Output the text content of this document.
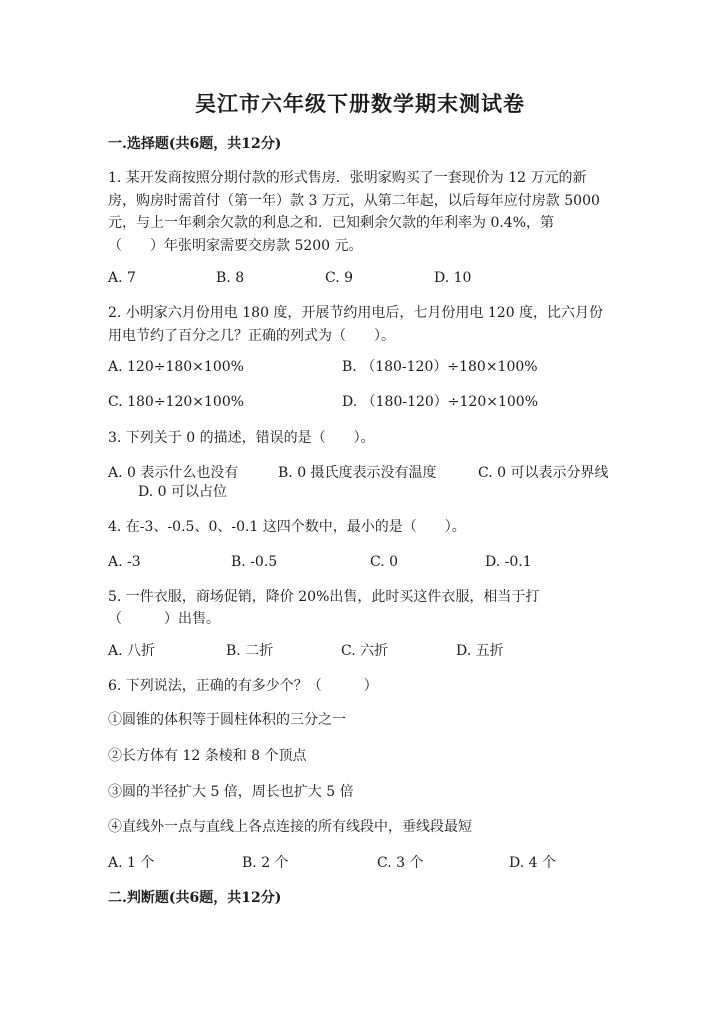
吴江市六年级下册数学期末测试卷
一.选择题(共6题，共12分)
1. 某开发商按照分期付款的形式售房．张明家购买了一套现价为 12 万元的新
房，购房时需首付（第一年）款 3 万元，从第二年起，以后每年应付房款 5000
元，与上一年剩余欠款的利息之和．已知剩余欠款的年利率为 0.4%，第
（　　）年张明家需要交房款 5200 元。
A. 7	B. 8	C. 9	D. 10
2. 小明家六月份用电 180 度，开展节约用电后，七月份用电 120 度，比六月份
用电节约了百分之几？正确的列式为（　　）。
A. 120÷180×100%	B. （180-120）÷180×100%
C. 180÷120×100%	D. （180-120）÷120×100%
3. 下列关于 0 的描述，错误的是（　　）。
A. 0 表示什么也没有	B. 0 摄氏度表示没有温度	C. 0 可以表示分界线
D. 0 可以占位
4. 在-3、-0.5、0、-0.1 这四个数中，最小的是（　　）。
A. -3	B. -0.5	C. 0	D. -0.1
5. 一件衣服，商场促销，降价 20%出售，此时买这件衣服，相当于打
（　　　）出售。
A. 八折	B. 二折	C. 六折	D. 五折
6. 下列说法，正确的有多少个？（　　　）
①圆锥的体积等于圆柱体积的三分之一
②长方体有 12 条棱和 8 个顶点
③圆的半径扩大 5 倍，周长也扩大 5 倍
④直线外一点与直线上各点连接的所有线段中，垂线段最短
A. 1 个	B. 2 个	C. 3 个	D. 4 个
二.判断题(共6题，共12分)
